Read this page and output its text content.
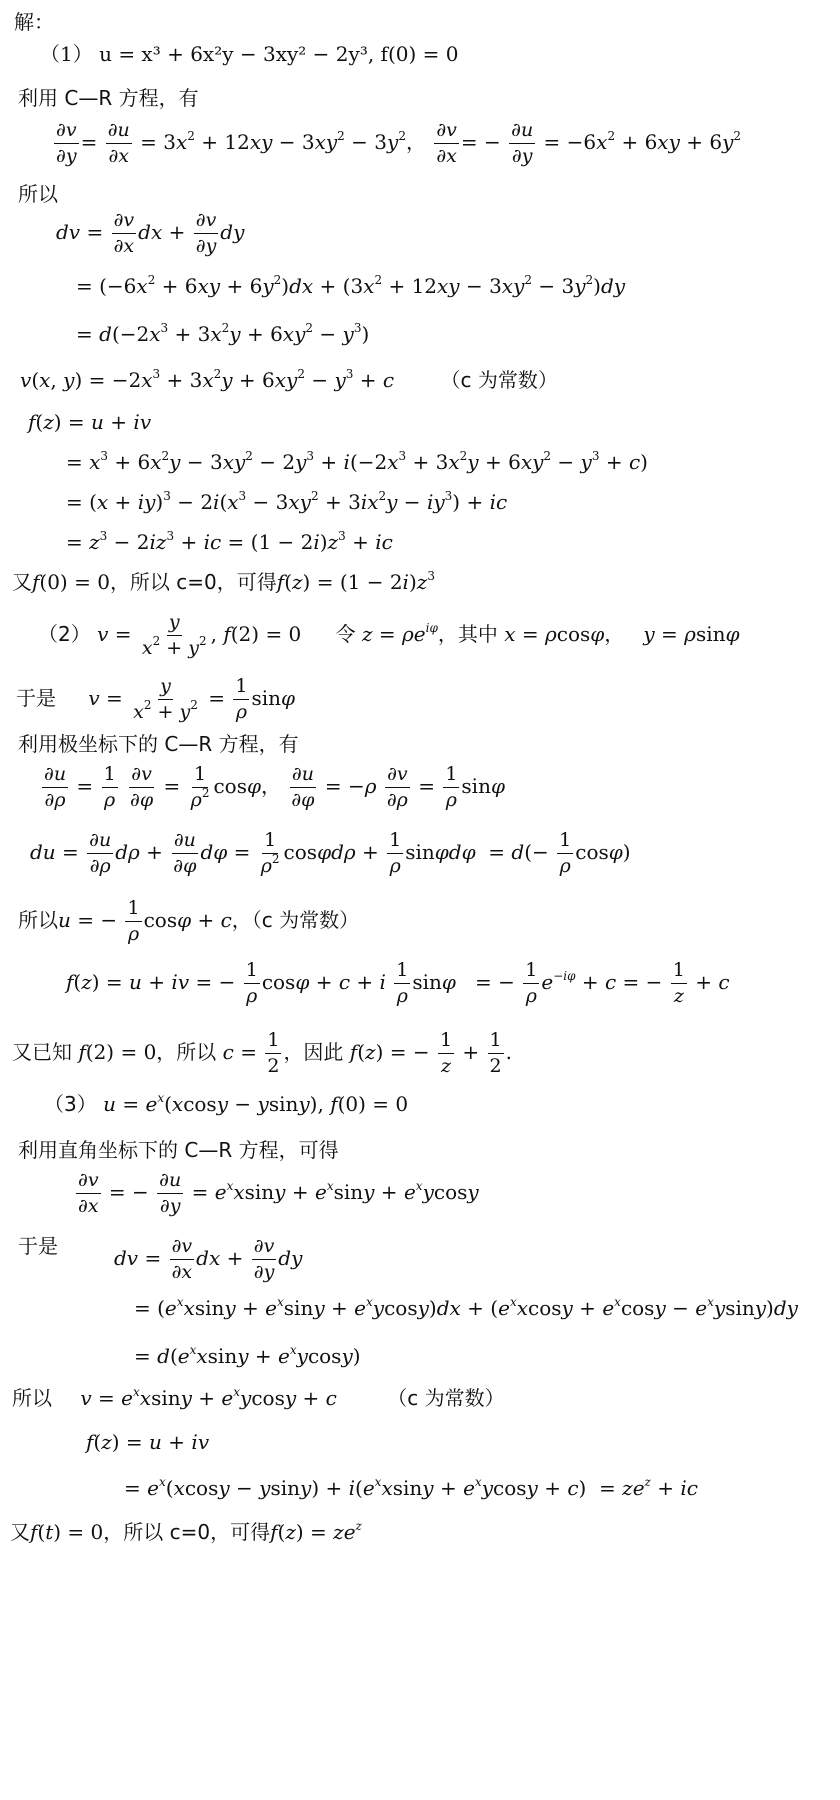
解：
（1） u = x³ + 6x²y − 3xy² − 2y³, f(0) = 0
利用 C—R 方程，有
$\frac{\partial v}{\partial y} = \frac{\partial u}{\partial x} = 3x^2 + 12xy - 3xy^2 - 3y^2$， $\frac{\partial v}{\partial x}$ = − $\frac{\partial u}{\partial y} = -6x^2 + 6xy + 6y^2$
所以
dv = $\frac{\partial v}{\partial x}$ dx + $\frac{\partial v}{\partial y}$ dy
= $(-6x^2 + 6xy + 6y^2)dx + (3x^2 + 12xy - 3xy^2 - 3y^2)dy$
= $d(-2x^3 + 3x^2y + 6xy^2 - y^3)$
v(x, $y) = -2x^3 + 3x^2y + 6xy^2 - y^3 + c$ （c 为常数）
f(z) = u + iv
= $x^3 + 6x^2y - 3xy^2 - 2y^3 + i(-2x^3 + 3x^2y + 6xy^2 - y^3 + c)$
= $(x + iy)^3 - 2i(x^3 - 3xy^2 + 3ix^2y - iy^3)$ + ic
= $z^3 - 2iz^3$ + ic = $(1 - 2i)z^3$ + ic
又f(0) = 0，所以 c=0，可得$f(z) = (1 - 2i)z^3$
（2） $v = \frac{y}{x^2 + y^2}$ , f(2) = 0 令 $z = \rho e^{i\varphi}$，其中 x = ρcosφ， y = ρsinφ
于是 $v = \frac{y}{x^2 + y^2} = \frac{1}{\rho}$ sinφ
利用极坐标下的 C—R 方程，有
$\frac{\partial u}{\partial\rho} = \frac{1}{\rho}$
$\frac{\partial v}{\partial\varphi} = \frac{1}{\rho^2}$ cosφ， $\frac{\partial u}{\partial\varphi} = -\rho \frac{\partial v}{\partial\rho} = \frac{1}{\rho}$ sinφ
du = $\frac{\partial u}{\partial\rho}$ $d\rho + \frac{\partial u}{\partial\varphi}$ $d\varphi = \frac{1}{\rho^2}$ $\cos\varphi d\rho + \frac{1}{\rho}$ $\sin\varphi d\varphi = d(- \frac{1}{\rho} \cos\varphi)$
所以u = − $\frac{1}{\rho}$ cosφ + c，（c 为常数）
f(z) = u + iv = − $\frac{1}{\rho}$ cosφ + c + i $\frac{1}{\rho}$ sinφ   = − $\frac{1}{\rho} e^{-i\varphi} + c$ = − $\frac{1}{z} + c$
又已知 f(2) = 0，所以 $c = \frac{1}{2}$ ，因此 f(z) = − $\frac{1}{z} + \frac{1}{2}$ .
（3） $u = e^x(xcosy - ysiny)$, f(0) = 0
利用直角坐标下的 C—R 方程，可得
$\frac{\partial v}{\partial x}$ = − $\frac{\partial u}{\partial y} = e^xxsiny + e^x\sin y + e^xycosy$
于是	dv = $\frac{\partial v}{\partial x}$ dx + $\frac{\partial v}{\partial y}$ dy
= $(e^xxsiny + e^x\sin y + e^xycosy)dx + (e^xxcosy + e^x\cos y - e^xysiny)dy$
= $d(e^xxsiny + e^xycosy)$
所以 $v = e^xxsiny + e^xycosy + c$	（c 为常数）
f(z) = u + iv
= $e^x(xcosy - ysiny) + i(e^xxsiny + e^xycosy + c) = ze^z$ + ic
又f(t) = 0，所以 c=0，可得$f(z) = ze^z$
